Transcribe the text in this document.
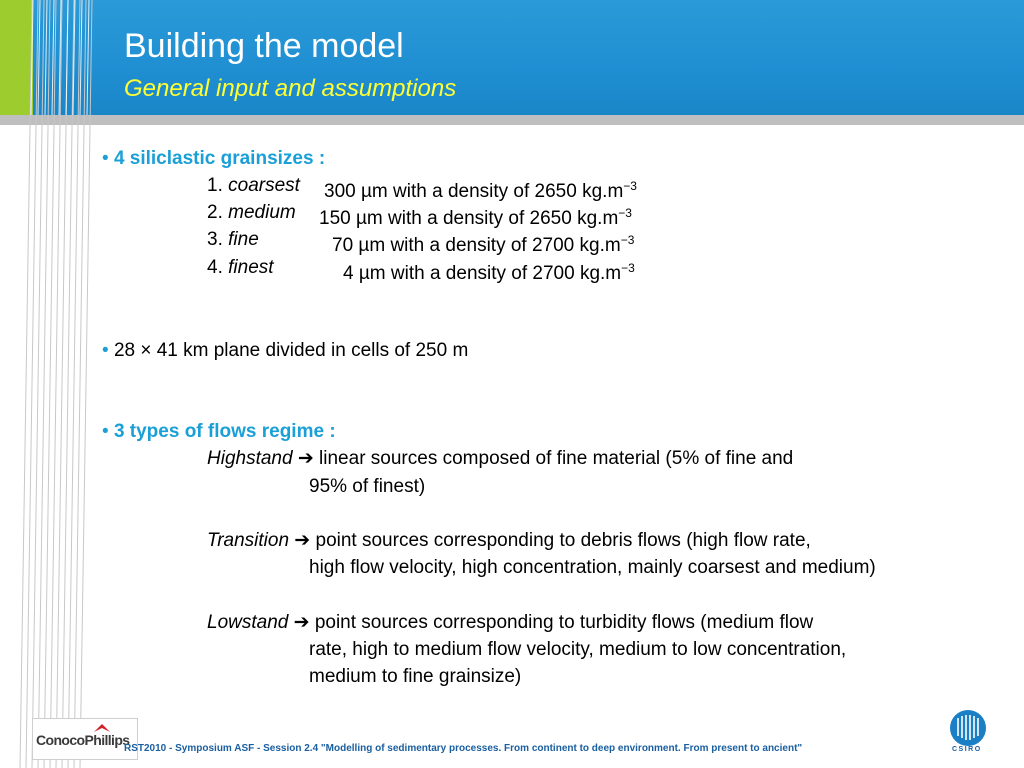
Building the model
General input and assumptions
• 4 siliclastic grainsizes :
1. coarsest 300 µm with a density of 2650 $kg.m^{-3}$
2. medium 150 µm with a density of 2650 $kg.m^{-3}$
3. fine	70 µm with a density of 2700 $kg.m^{-3}$
4. finest	4 µm with a density of 2700 $kg.m^{-3}$
• 28 × 41 km plane divided in cells of 250 m
• 3 types of flows regime :
Highstand ➔ linear sources composed of fine material (5% of fine and
95% of finest)
Transition ➔ point sources corresponding to debris flows (high flow rate,
high flow velocity, high concentration, mainly coarsest and medium)
Lowstand ➔ point sources corresponding to turbidity flows (medium flow
rate, high to medium flow velocity, medium to low concentration,
medium to fine grainsize)
ConocoPhillips
RST2010 - Symposium ASF - Session 2.4 "Modelling of sedimentary processes. From continent to deep environment. From present to ancient"	CSIRO
